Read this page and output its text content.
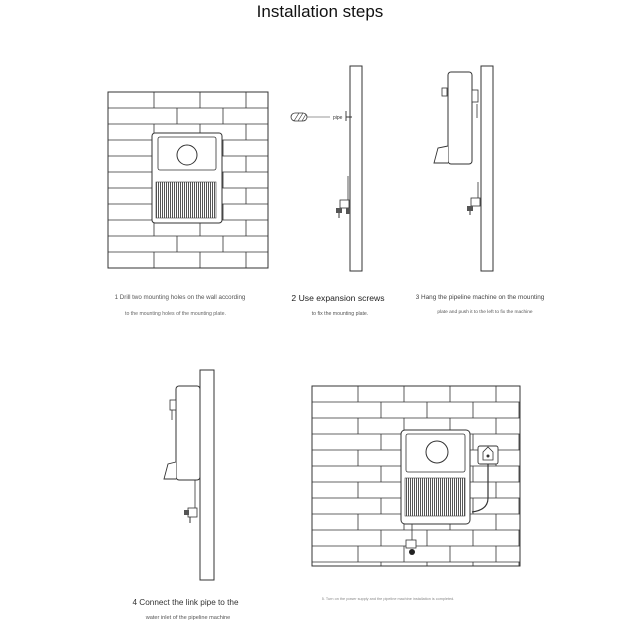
Installation steps
pipe
1 Drill two mounting holes on the wall according
to the mounting holes of the mounting plate.
2 Use expansion screws
to fix the mounting plate.
3 Hang the pipeline machine on the mounting
plate and push it to the left to fix the machine
4 Connect the link pipe to the
water inlet of the pipeline machine
5. Turn on the power supply and the pipeline machine installation is completed.
